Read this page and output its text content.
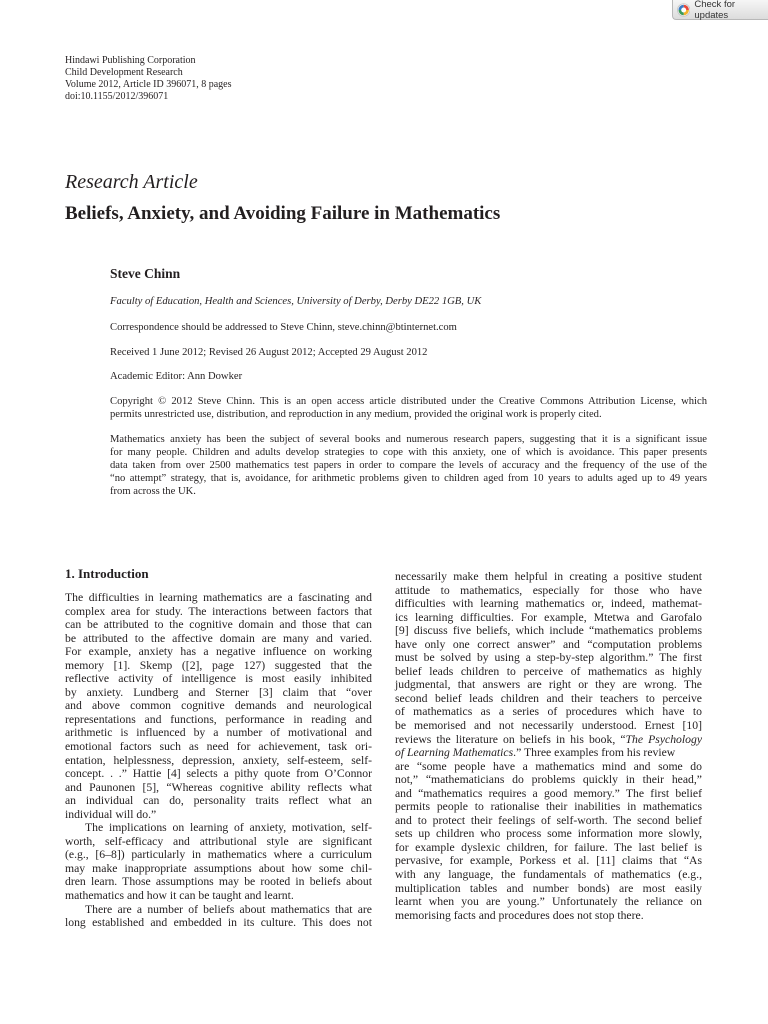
Check for updates
Hindawi Publishing Corporation
Child Development Research
Volume 2012, Article ID 396071, 8 pages
doi:10.1155/2012/396071
Research Article
Beliefs, Anxiety, and Avoiding Failure in Mathematics
Steve Chinn
Faculty of Education, Health and Sciences, University of Derby, Derby DE22 1GB, UK
Correspondence should be addressed to Steve Chinn, steve.chinn@btinternet.com
Received 1 June 2012; Revised 26 August 2012; Accepted 29 August 2012
Academic Editor: Ann Dowker
Copyright © 2012 Steve Chinn. This is an open access article distributed under the Creative Commons Attribution License, which
permits unrestricted use, distribution, and reproduction in any medium, provided the original work is properly cited.
Mathematics anxiety has been the subject of several books and numerous research papers, suggesting that it is a significant issue
for many people. Children and adults develop strategies to cope with this anxiety, one of which is avoidance. This paper presents
data taken from over 2500 mathematics test papers in order to compare the levels of accuracy and the frequency of the use of the
“no attempt” strategy, that is, avoidance, for arithmetic problems given to children aged from 10 years to adults aged up to 49 years
from across the UK.
1. Introduction
The difficulties in learning mathematics are a fascinating and
complex area for study. The interactions between factors that
can be attributed to the cognitive domain and those that can
be attributed to the affective domain are many and varied.
For example, anxiety has a negative influence on working
memory [1]. Skemp ([2], page 127) suggested that the
reflective activity of intelligence is most easily inhibited
by anxiety. Lundberg and Sterner [3] claim that “over
and above common cognitive demands and neurological
representations and functions, performance in reading and
arithmetic is influenced by a number of motivational and
emotional factors such as need for achievement, task ori-
entation, helplessness, depression, anxiety, self-esteem, self-
concept. . .” Hattie [4] selects a pithy quote from O’Connor
and Paunonen [5], “Whereas cognitive ability reflects what
an individual can do, personality traits reflect what an
individual will do.”
The implications on learning of anxiety, motivation, self-
worth, self-efficacy and attributional style are significant
(e.g., [6–8]) particularly in mathematics where a curriculum
may make inappropriate assumptions about how some chil-
dren learn. Those assumptions may be rooted in beliefs about
mathematics and how it can be taught and learnt.
There are a number of beliefs about mathematics that are
long established and embedded in its culture. This does not
necessarily make them helpful in creating a positive student
attitude to mathematics, especially for those who have
difficulties with learning mathematics or, indeed, mathemat-
ics learning difficulties. For example, Mtetwa and Garofalo
[9] discuss five beliefs, which include “mathematics problems
have only one correct answer” and “computation problems
must be solved by using a step-by-step algorithm.” The first
belief leads children to perceive of mathematics as highly
judgmental, that answers are right or they are wrong. The
second belief leads children and their teachers to perceive
of mathematics as a series of procedures which have to
be memorised and not necessarily understood. Ernest [10]
reviews the literature on beliefs in his book, “The Psychology
of Learning Mathematics.” Three examples from his review
are “some people have a mathematics mind and some do
not,” “mathematicians do problems quickly in their head,”
and “mathematics requires a good memory.” The first belief
permits people to rationalise their inabilities in mathematics
and to protect their feelings of self-worth. The second belief
sets up children who process some information more slowly,
for example dyslexic children, for failure. The last belief is
pervasive, for example, Porkess et al. [11] claims that “As
with any language, the fundamentals of mathematics (e.g.,
multiplication tables and number bonds) are most easily
learnt when you are young.” Unfortunately the reliance on
memorising facts and procedures does not stop there.
